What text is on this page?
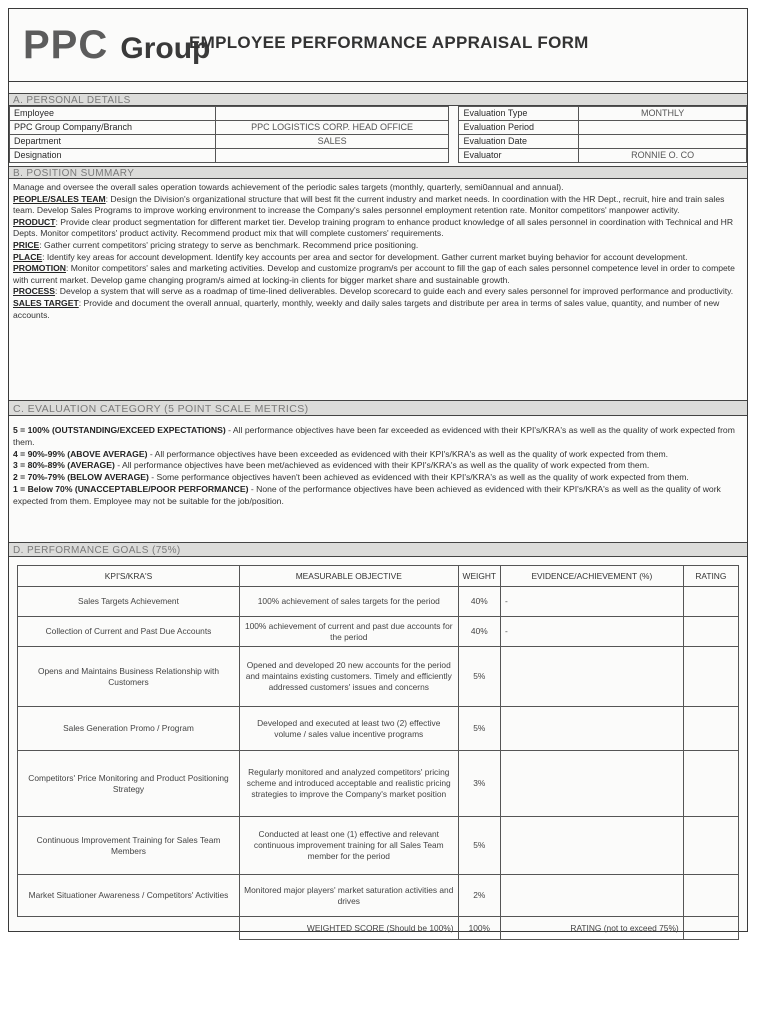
PPC Group
EMPLOYEE PERFORMANCE APPRAISAL FORM
A. PERSONAL DETAILS
Employee			Evaluation Type	MONTHLY
PPC Group Company/Branch	PPC LOGISTICS CORP. HEAD OFFICE		Evaluation Period	
Department	SALES		Evaluation Date	
Designation			Evaluator	RONNIE O. CO
B. POSITION SUMMARY

Manage and oversee the overall sales operation towards achievement of the periodic sales targets (monthly, quarterly, semi0annual and annual).

PEOPLE/SALES TEAM: Design the Division's organizational structure that will best fit the current industry and market needs. In coordination with the HR Dept., recruit, hire and train sales team. Develop Sales Programs to improve working environment to increase the Company's sales personnel employment retention rate. Monitor competitors' manpower activity.

PRODUCT: Provide clear product segmentation for different market tier. Develop training program to enhance product knowledge of all sales personnel in coordination with Technical and HR Depts. Monitor competitors' product activity. Recommend product mix that will complete customers' requirements.

PRICE: Gather current competitors' pricing strategy to serve as benchmark. Recommend price positioning.

PLACE: Identify key areas for account development. Identify key accounts per area and sector for development. Gather current market buying behavior for account development.

PROMOTION: Monitor competitors' sales and marketing activities. Develop and customize program/s per account to fill the gap of each sales personnel competence level in order to compete with current market. Develop game changing program/s aimed at locking-in clients for bigger market share and sustainable growth.

PROCESS: Develop a system that will serve as a roadmap of time-lined deliverables. Develop scorecard to guide each and every sales personnel for improved performance and productivity.

SALES TARGET: Provide and document the overall annual, quarterly, monthly, weekly and daily sales targets and distribute per area in terms of sales value, quantity, and number of new accounts.

C. EVALUATION CATEGORY (5 POINT SCALE METRICS)

5 = 100% (OUTSTANDING/EXCEED EXPECTATIONS) - All performance objectives have been far exceeded as evidenced with their KPI's/KRA's as well as the quality of work expected from them.

4 = 90%-99% (ABOVE AVERAGE) - All performance objectives have been exceeded as evidenced with their KPI's/KRA's as well as the quality of work expected from them.

3 = 80%-89% (AVERAGE) - All performance objectives have been met/achieved as evidenced with their KPI's/KRA's as well as the quality of work expected from them.

2 = 70%-79% (BELOW AVERAGE) - Some performance objectives haven't been achieved as evidenced with their KPI's/KRA's as well as the quality of work expected from them.

1 = Below 70% (UNACCEPTABLE/POOR PERFORMANCE) - None of the performance objectives have been achieved as evidenced with their KPI's/KRA's as well as the quality of work expected from them. Employee may not be suitable for the job/position.

D. PERFORMANCE GOALS (75%)
KPI'S/KRA'S	MEASURABLE OBJECTIVE	WEIGHT	EVIDENCE/ACHIEVEMENT (%)	RATING
Sales Targets Achievement	100% achievement of sales targets for the period	40%	-	
Collection of Current and Past Due Accounts	100% achievement of current and past due accounts for the period	40%	-	
Opens and Maintains Business Relationship with Customers	Opened and developed 20 new accounts for the period and maintains existing customers. Timely and efficiently addressed customers' issues and concerns	5%		
Sales Generation Promo / Program	Developed and executed at least two (2) effective volume / sales value incentive programs	5%		
Competitors' Price Monitoring and Product Positioning Strategy	Regularly monitored and analyzed competitors' pricing scheme and introduced acceptable and realistic pricing strategies to improve the Company's market position	3%		
Continuous Improvement Training for Sales Team Members	Conducted at least one (1) effective and relevant continuous improvement training for all Sales Team member for the period	5%		
Market Situationer Awareness / Competitors' Activities	Monitored major players' market saturation activities and drives	2%		
	WEIGHTED SCORE (Should be 100%)	100%	RATING (not to exceed 75%)	
